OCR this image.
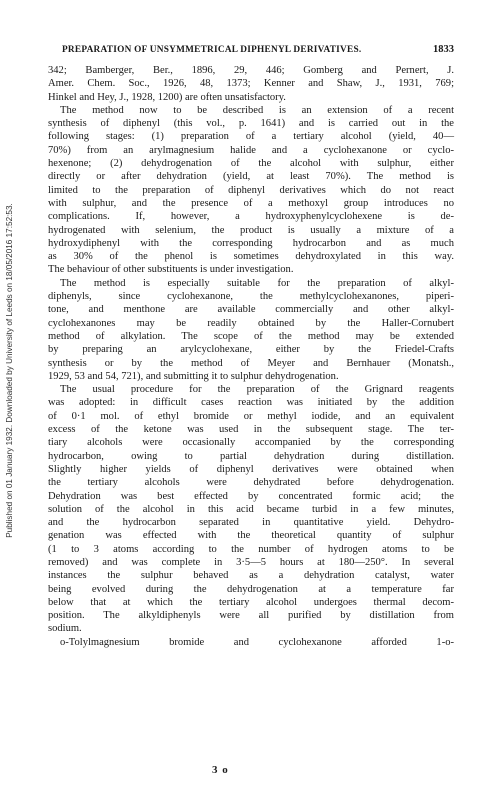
Published on 01 January 1932. Downloaded by University of Leeds on 18/05/2016 17:52:53.
PREPARATION OF UNSYMMETRICAL DIPHENYL DERIVATIVES.	1833
342; Bamberger, Ber., 1896, 29, 446; Gomberg and Pernert, J.
Amer. Chem. Soc., 1926, 48, 1373; Kenner and Shaw, J., 1931, 769;
Hinkel and Hey, J., 1928, 1200) are often unsatisfactory.
The method now to be described is an extension of a recent
synthesis of diphenyl (this vol., p. 1641) and is carried out in the
following stages: (1) preparation of a tertiary alcohol (yield, 40—
70%) from an arylmagnesium halide and a cyclohexanone or cyclo-
hexenone; (2) dehydrogenation of the alcohol with sulphur, either
directly or after dehydration (yield, at least 70%). The method is
limited to the preparation of diphenyl derivatives which do not react
with sulphur, and the presence of a methoxyl group introduces no
complications. If, however, a hydroxyphenylcyclohexene is de-
hydrogenated with selenium, the product is usually a mixture of a
hydroxydiphenyl with the corresponding hydrocarbon and as much
as 30% of the phenol is sometimes dehydroxylated in this way.
The behaviour of other substituents is under investigation.
The method is especially suitable for the preparation of alkyl-
diphenyls, since cyclohexanone, the methylcyclohexanones, piperi-
tone, and menthone are available commercially and other alkyl-
cyclohexanones may be readily obtained by the Haller-Cornubert
method of alkylation. The scope of the method may be extended
by preparing an arylcyclohexane, either by the Friedel-Crafts
synthesis or by the method of Meyer and Bernhauer (Monatsh.,
1929, 53 and 54, 721), and submitting it to sulphur dehydrogenation.
The usual procedure for the preparation of the Grignard reagents
was adopted: in difficult cases reaction was initiated by the addition
of 0·1 mol. of ethyl bromide or methyl iodide, and an equivalent
excess of the ketone was used in the subsequent stage. The ter-
tiary alcohols were occasionally accompanied by the corresponding
hydrocarbon, owing to partial dehydration during distillation.
Slightly higher yields of diphenyl derivatives were obtained when
the tertiary alcohols were dehydrated before dehydrogenation.
Dehydration was best effected by concentrated formic acid; the
solution of the alcohol in this acid became turbid in a few minutes,
and the hydrocarbon separated in quantitative yield. Dehydro-
genation was effected with the theoretical quantity of sulphur
(1 to 3 atoms according to the number of hydrogen atoms to be
removed) and was complete in 3·5—5 hours at 180—250°. In several
instances the sulphur behaved as a dehydration catalyst, water
being evolved during the dehydrogenation at a temperature far
below that at which the tertiary alcohol undergoes thermal decom-
position. The alkyldiphenyls were all purified by distillation from
sodium.
o-Tolylmagnesium bromide and cyclohexanone afforded 1-o-
3 o
